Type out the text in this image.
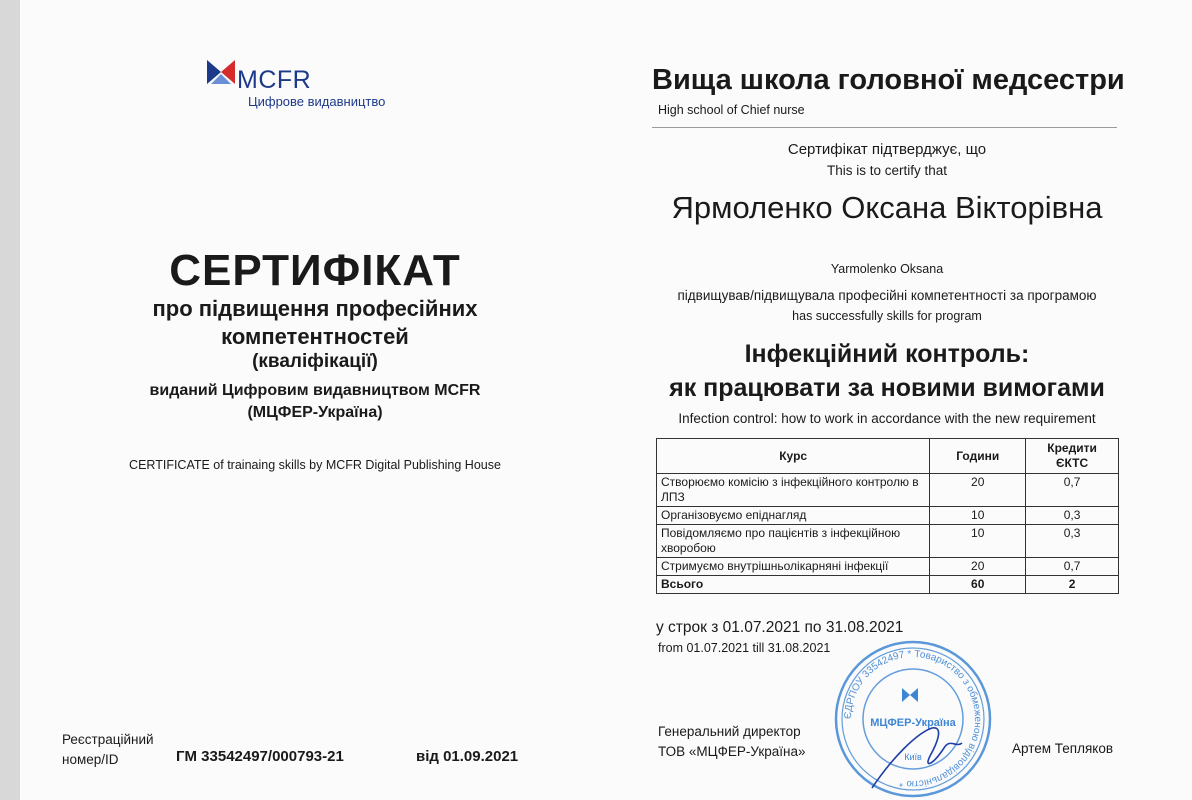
MCFR
Цифрове видавництво
СЕРТИФІКАТ
про підвищення професійних
компетентностей
(кваліфікації)
виданий Цифровим видавництвом MCFR
(МЦФЕР-Україна)
CERTIFICATE of trainaing skills by MCFR Digital Publishing House
Реєстраційний
номер/ID	ГМ 33542497/000793-21	від 01.09.2021
Вища школа головної медсестри
High school of Chief nurse
Сертифікат підтверджує, що
This is to certify that
Ярмоленко Оксана Вікторівна
Yarmolenko Oksana
підвищував/підвищувала професійні компетентності за програмою
has successfully skills for program
Інфекційний контроль:
як працювати за новими вимогами
Infection control: how to work in accordance with the new requirement
Курс	Години	Кредити ЄКТС
Створюємо комісію з інфекційного контролю в ЛПЗ	20	0,7
Організовуємо епіднагляд	10	0,3
Повідомляємо про пацієнтів з інфекційною хворобою	10	0,3
Стримуємо внутрішньолікарняні інфекції	20	0,7
Всього	60	2
у строк з 01.07.2021 по 31.08.2021
from 01.07.2021 till 31.08.2021
Генеральний директор
ТОВ «МЦФЕР-Україна»	Артем Тепляков
ЄДРПОУ 33542497 * Товариство з обмеженою відповідальністю *
МЦФЕР-Україна
Київ
